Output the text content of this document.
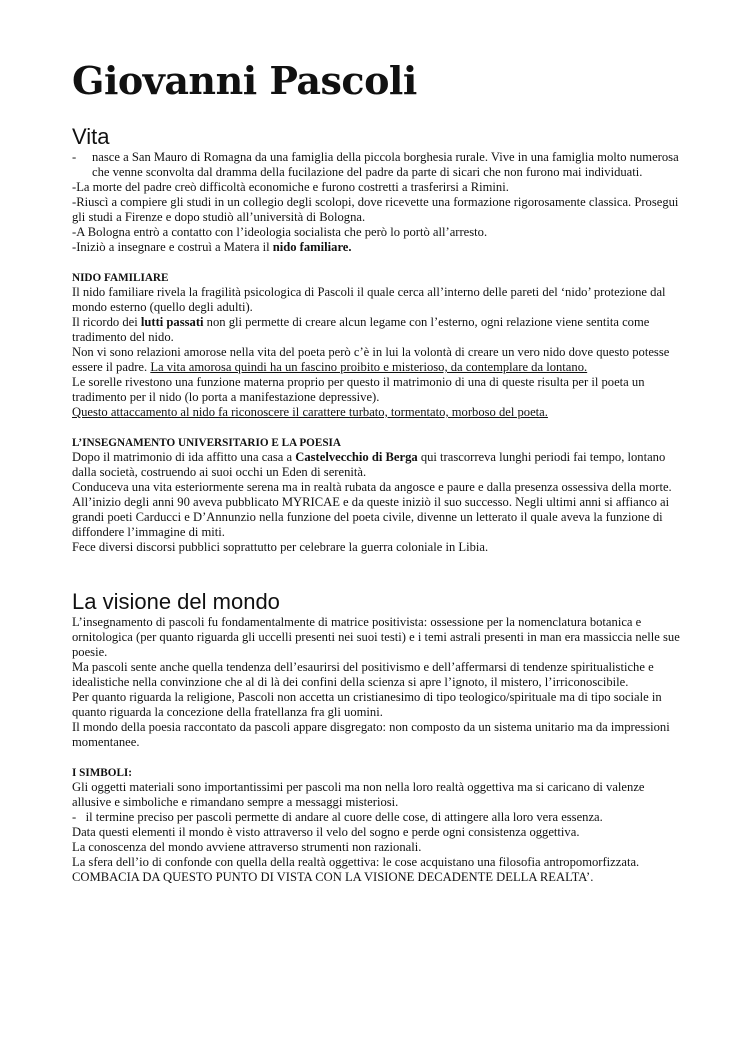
Giovanni Pascoli
Vita

- nasce a San Mauro di Romagna da una famiglia della piccola borghesia rurale. Vive in una famiglia molto numerosa che venne sconvolta dal dramma della fucilazione del padre da parte di sicari che non furono mai individuati.

-La morte del padre creò difficoltà economiche e furono costretti a trasferirsi a Rimini.

-Riuscì a compiere gli studi in un collegio degli scolopi, dove ricevette una formazione rigorosamente classica. Prosegui gli studi a Firenze e dopo studiò all’università di Bologna.

-A Bologna entrò a contatto con l’ideologia socialista che però lo portò all’arresto.

-Iniziò a insegnare e costruì a Matera il nido familiare.

NIDO FAMILIARE

Il nido familiare rivela la fragilità psicologica di Pascoli il quale cerca all’interno delle pareti del ‘nido’ protezione dal mondo esterno (quello degli adulti).

Il ricordo dei lutti passati non gli permette di creare alcun legame con l’esterno, ogni relazione viene sentita come tradimento del nido.

Non vi sono relazioni amorose nella vita del poeta però c’è in lui la volontà di creare un vero nido dove questo potesse essere il padre. La vita amorosa quindi ha un fascino proibito e misterioso, da contemplare da lontano.

Le sorelle rivestono una funzione materna proprio per questo il matrimonio di una di queste risulta per il poeta un tradimento per il nido (lo porta a manifestazione depressive).

Questo attaccamento al nido fa riconoscere il carattere turbato, tormentato, morboso del poeta.

L’INSEGNAMENTO UNIVERSITARIO E LA POESIA

Dopo il matrimonio di ida affitto una casa a Castelvecchio di Berga qui trascorreva lunghi periodi fai tempo, lontano dalla società, costruendo ai suoi occhi un Eden di serenità.

Conduceva una vita esteriormente serena ma in realtà rubata da angosce e paure e dalla presenza ossessiva della morte.

All’inizio degli anni 90 aveva pubblicato MYRICAE e da queste iniziò il suo successo. Negli ultimi anni si affianco ai grandi poeti Carducci e D’Annunzio nella funzione del poeta civile, divenne un letterato il quale aveva la funzione di diffondere l’immagine di miti.

Fece diversi discorsi pubblici soprattutto per celebrare la guerra coloniale in Libia.

La visione del mondo

L’insegnamento di pascoli fu fondamentalmente di matrice positivista: ossessione per la nomenclatura botanica e ornitologica (per quanto riguarda gli uccelli presenti nei suoi testi) e i temi astrali presenti in man era massiccia nelle sue poesie.

Ma pascoli sente anche quella tendenza dell’esaurirsi del positivismo e dell’affermarsi di tendenze spiritualistiche e idealistiche nella convinzione che al di là dei confini della scienza si apre l’ignoto, il mistero, l’irriconoscibile.

Per quanto riguarda la religione, Pascoli non accetta un cristianesimo di tipo teologico/spirituale ma di tipo sociale in quanto riguarda la concezione della fratellanza fra gli uomini.

Il mondo della poesia raccontato da pascoli appare disgregato: non composto da un sistema unitario ma da impressioni momentanee.

I SIMBOLI:

Gli oggetti materiali sono importantissimi per pascoli ma non nella loro realtà oggettiva ma si caricano di valenze allusive e simboliche e rimandano sempre a messaggi misteriosi.

-   il termine preciso per pascoli permette di andare al cuore delle cose, di attingere alla loro vera essenza.

Data questi elementi il mondo è visto attraverso il velo del sogno e perde ogni consistenza oggettiva.

La conoscenza del mondo avviene attraverso strumenti non razionali.

La sfera dell’io di confonde con quella della realtà oggettiva: le cose acquistano una filosofia antropomorfizzata.

COMBACIA DA QUESTO PUNTO DI VISTA CON LA VISIONE DECADENTE DELLA REALTA’.
